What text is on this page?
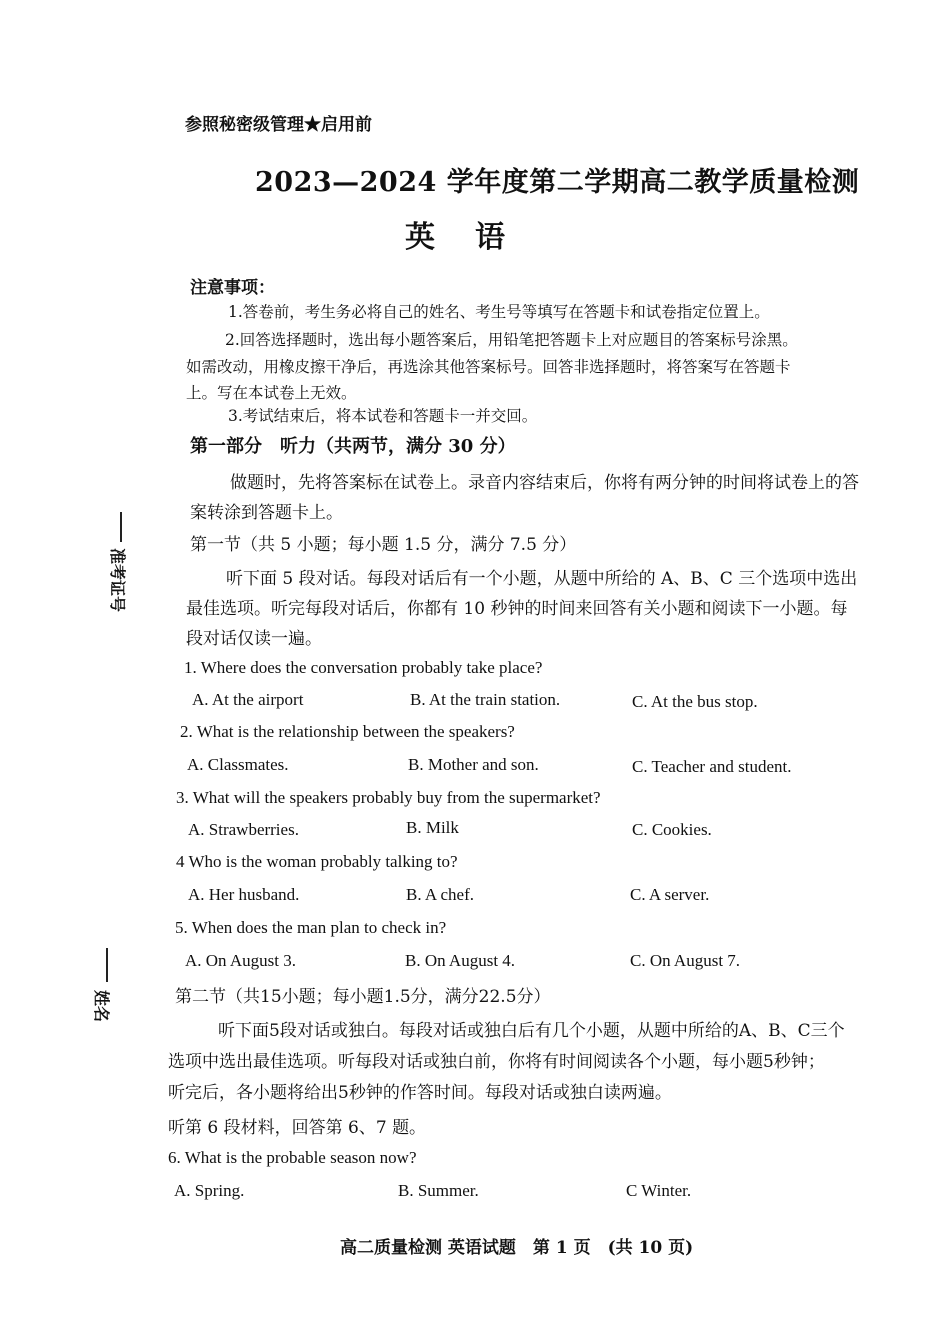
参照秘密级管理★启用前
2023—2024 学年度第二学期高二教学质量检测
英语
注意事项：
1.答卷前，考生务必将自己的姓名、考生号等填写在答题卡和试卷指定位置上。
2.回答选择题时，选出每小题答案后，用铅笔把答题卡上对应题目的答案标号涂黑。
如需改动，用橡皮擦干净后，再选涂其他答案标号。回答非选择题时，将答案写在答题卡
上。写在本试卷上无效。
3.考试结束后，将本试卷和答题卡一并交回。
第一部分　听力（共两节，满分 30 分）
做题时，先将答案标在试卷上。录音内容结束后，你将有两分钟的时间将试卷上的答
案转涂到答题卡上。
第一节（共 5 小题；每小题 1.5 分，满分 7.5 分）
听下面 5 段对话。每段对话后有一个小题，从题中所给的 A、B、C 三个选项中选出
最佳选项。听完每段对话后，你都有 10 秒钟的时间来回答有关小题和阅读下一小题。每
段对话仅读一遍。
1. Where does the conversation probably take place?
A. At the airport	B. At the train station.	C. At the bus stop.
2. What is the relationship between the speakers?
A. Classmates.	B. Mother and son.	C. Teacher and student.
3. What will the speakers probably buy from the supermarket?
A. Strawberries.	B. Milk	C. Cookies.
4 Who is the woman probably talking to?
A. Her husband.	B. A chef.	C. A server.
5. When does the man plan to check in?
A. On August 3.	B. On August 4.	C. On August 7.
第二节（共15小题；每小题1.5分，满分22.5分）
听下面5段对话或独白。每段对话或独白后有几个小题，从题中所给的A、B、C三个
选项中选出最佳选项。听每段对话或独白前，你将有时间阅读各个小题，每小题5秒钟；
听完后，各小题将给出5秒钟的作答时间。每段对话或独白读两遍。
听第 6 段材料，回答第 6、7 题。
6. What is the probable season now?
A. Spring.	B. Summer.	C Winter.
高二质量检测 英语试题　第 1 页　(共 10 页)
准考证号
姓名
